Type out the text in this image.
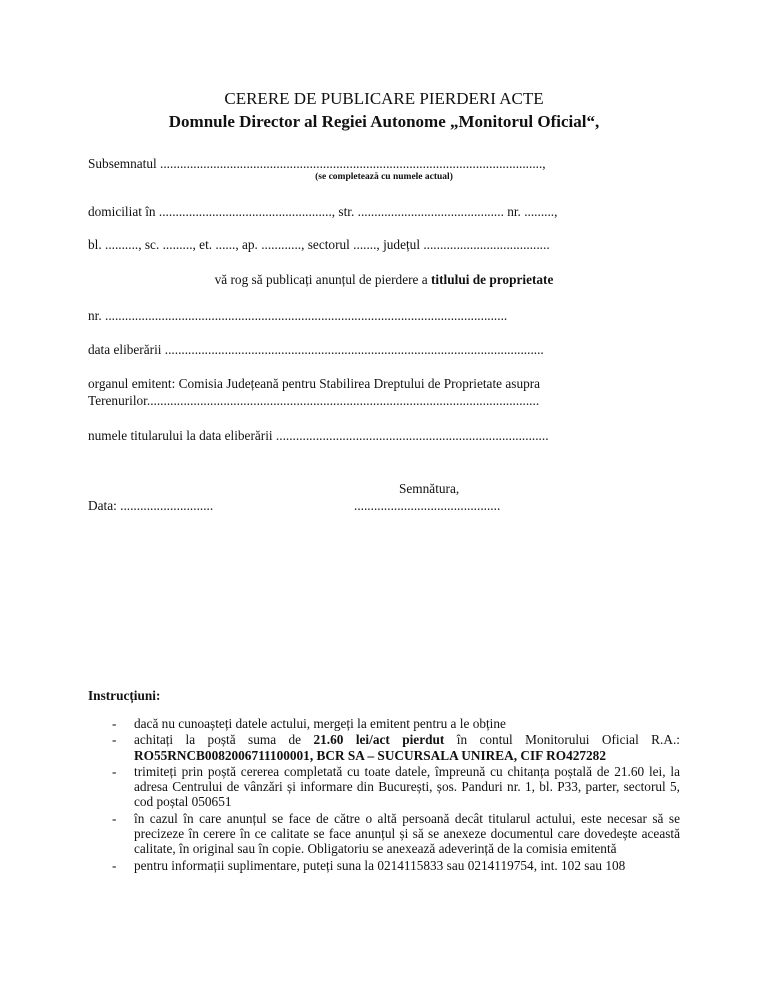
CERERE DE PUBLICARE PIERDERI ACTE
Domnule Director al Regiei Autonome „Monitorul Oficial“,
Subsemnatul ...................................................................................................................,
(se completează cu numele actual)
domiciliat în ...................................................., str. ............................................ nr. .........,
bl. .........., sc. ........., et. ......, ap. ............, sectorul ......., județul ......................................
vă rog să publicați anunțul de pierdere a titlului de proprietate
nr. .........................................................................................................................
data eliberării ..................................................................................................................
organul emitent: Comisia Județeană pentru Stabilirea Dreptului de Proprietate asupra
Terenurilor......................................................................................................................
numele titularului la data eliberării ..................................................................................
Semnătura,
Data: ............................	............................................
Instrucțiuni:
- dacă nu cunoașteți datele actului, mergeți la emitent pentru a le obține
- achitați la poștă suma de 21.60 lei/act pierdut în contul Monitorului Oficial R.A.: RO55RNCB0082006711100001, BCR SA – SUCURSALA UNIREA, CIF RO427282
- trimiteți prin poștă cererea completată cu toate datele, împreună cu chitanța poștală de 21.60 lei, la adresa Centrului de vânzări și informare din București, șos. Panduri nr. 1, bl. P33, parter, sectorul 5, cod poștal 050651
- în cazul în care anunțul se face de către o altă persoană decât titularul actului, este necesar să se precizeze în cerere în ce calitate se face anunțul și să se anexeze documentul care dovedește această calitate, în original sau în copie. Obligatoriu se anexează adeverință de la comisia emitentă
- pentru informații suplimentare, puteți suna la 0214115833 sau 0214119754, int. 102 sau 108
